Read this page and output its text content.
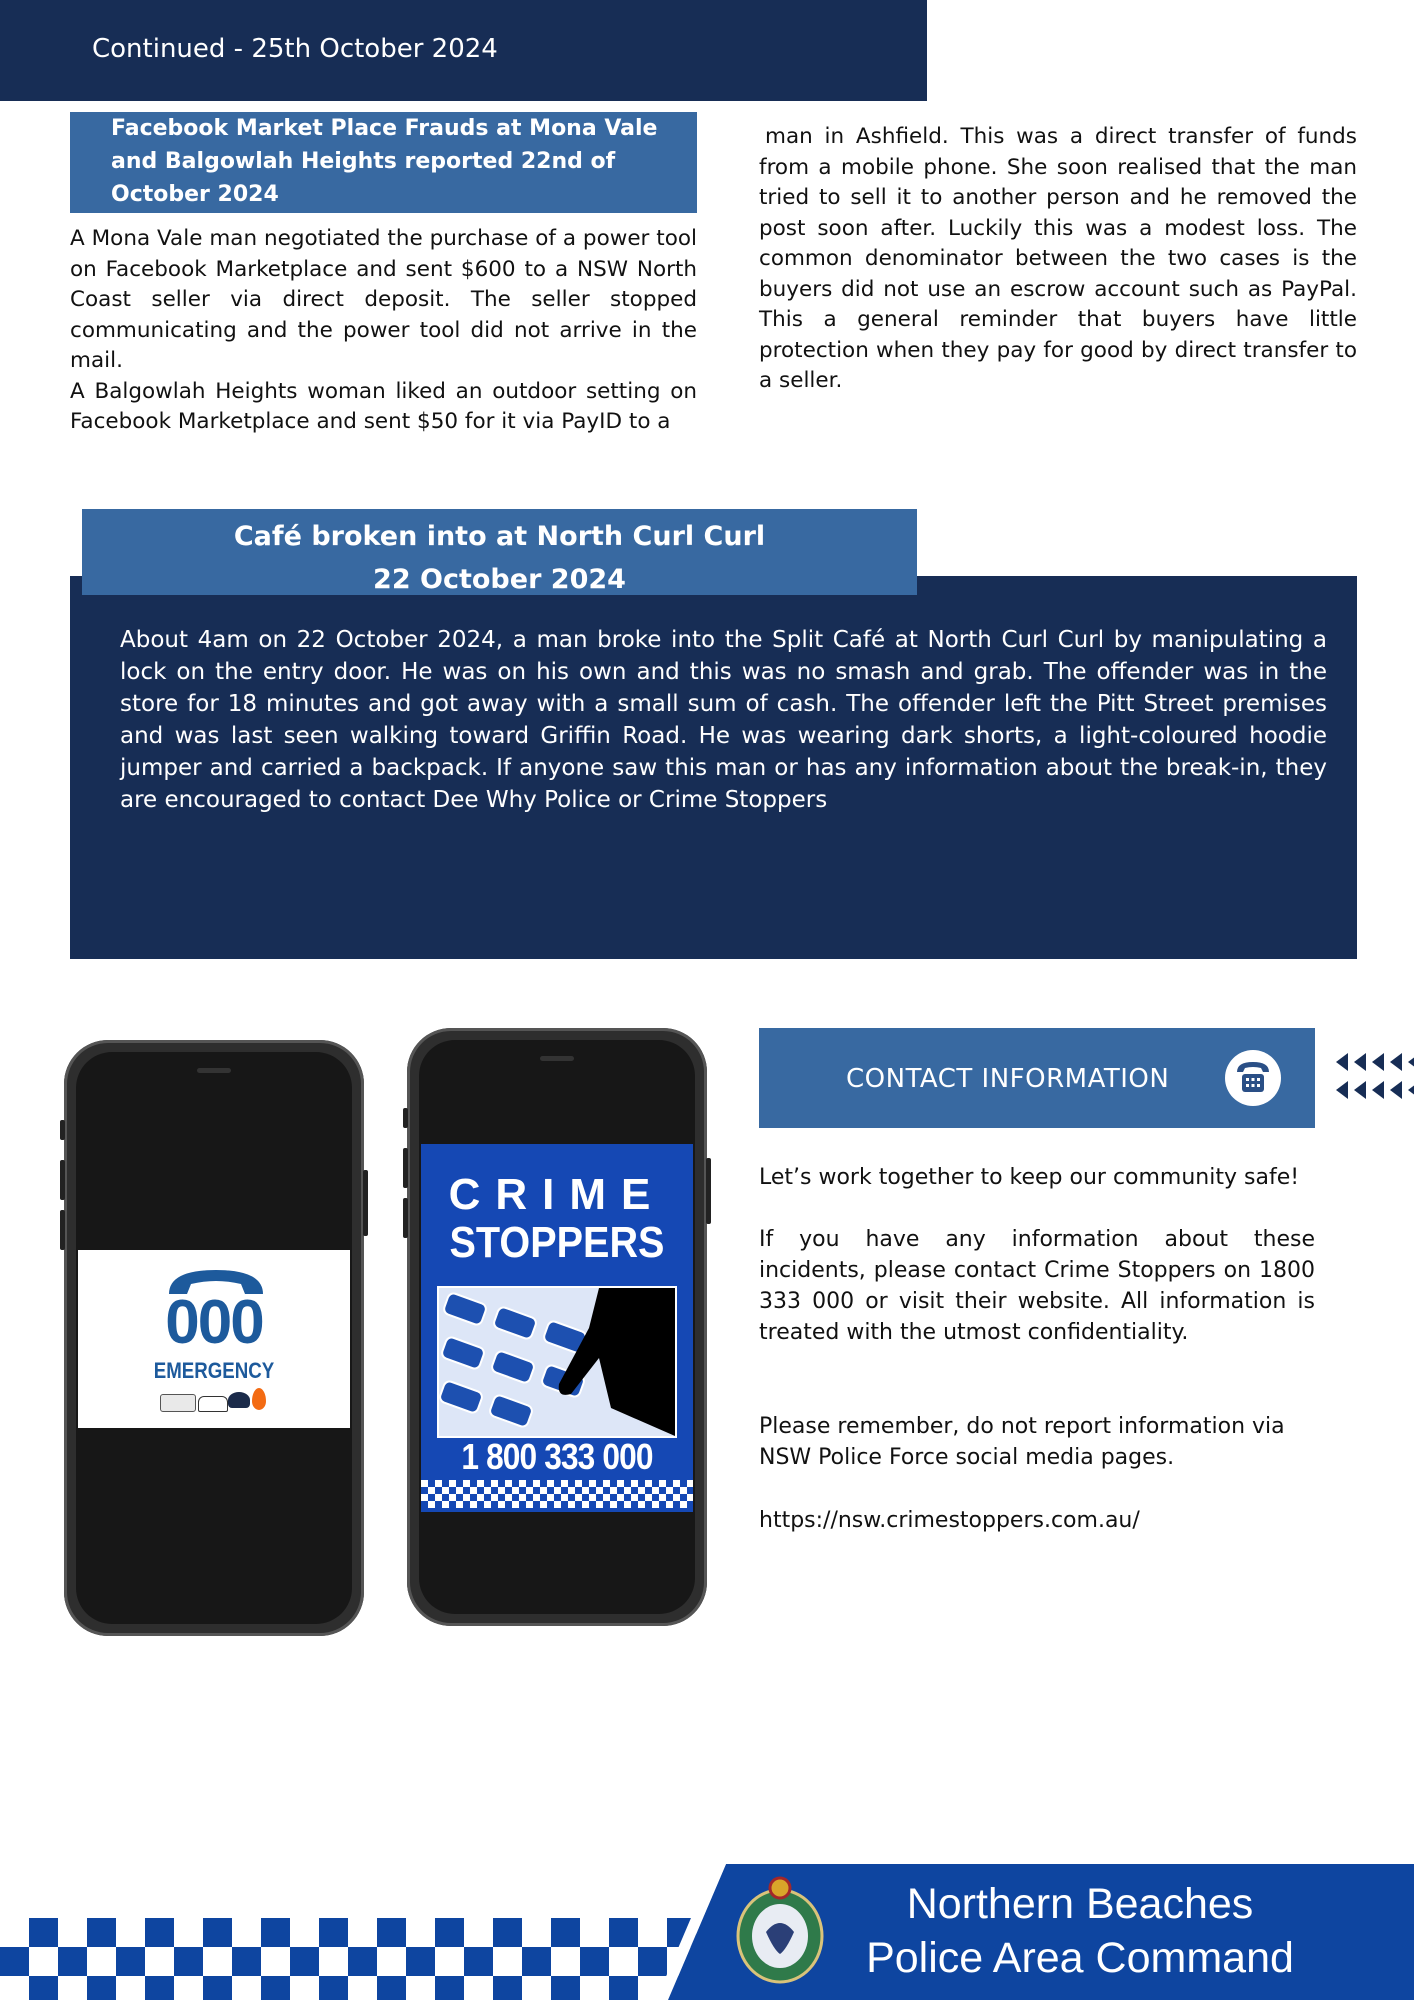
Continued - 25th October 2024
Facebook Market Place Frauds at Mona Vale and Balgowlah Heights reported 22nd of October 2024

A Mona Vale man negotiated the purchase of a power tool on Facebook Marketplace and sent $600 to a NSW North Coast seller via direct deposit. The seller stopped communicating and the power tool did not arrive in the mail.

A Balgowlah Heights woman liked an outdoor setting on Facebook Marketplace and sent $50 for it via PayID to a

man in Ashfield. This was a direct transfer of funds from a mobile phone. She soon realised that the man tried to sell it to another person and he removed the post soon after. Luckily this was a modest loss. The common denominator between the two cases is the buyers did not use an escrow account such as PayPal. This a general reminder that buyers have little protection when they pay for good by direct transfer to a seller.

Café broken into at North Curl Curl
22 October 2024

About 4am on 22 October 2024, a man broke into the Split Café at North Curl Curl by manipulating a lock on the entry door. He was on his own and this was no smash and grab. The offender was in the store for 18 minutes and got away with a small sum of cash. The offender left the Pitt Street premises and was last seen walking toward Griffin Road. He was wearing dark shorts, a light-coloured hoodie jumper and carried a backpack. If anyone saw this man or has any information about the break-in, they are encouraged to contact Dee Why Police or Crime Stoppers

000
EMERGENCY
CRIME
STOPPERS
1 800 333 000
CONTACT INFORMATION

Let’s work together to keep our community safe!

If you have any information about these incidents, please contact Crime Stoppers on 1800 333 000 or visit their website. All information is treated with the utmost confidentiality.

Please remember, do not report information via NSW Police Force social media pages.

https://nsw.crimestoppers.com.au/

Northern Beaches
Police Area Command
